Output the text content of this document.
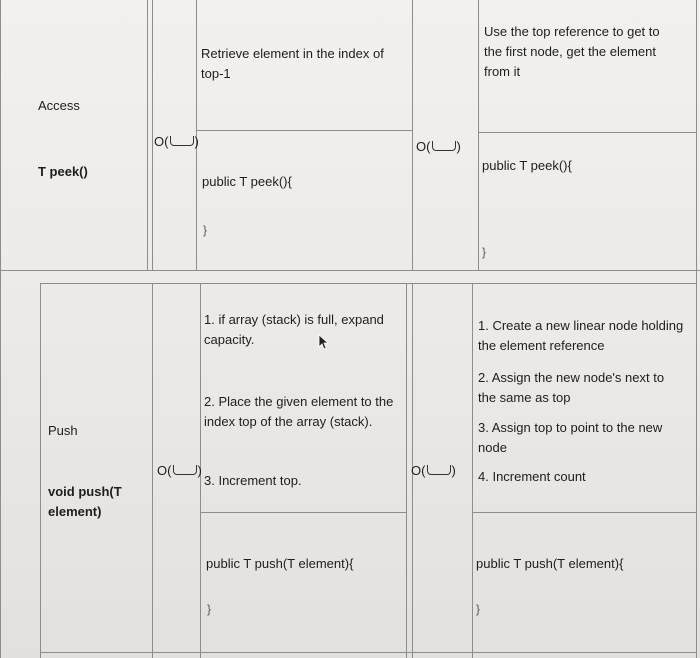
Access
T peek()
O( )	O( )
Retrieve element in the index of top-1
public T peek(){
}
Use the top reference to get to the first node, get the element from it
public T peek(){
}
Push
void push(T element)
O( )	O( )
1. if array (stack) is full, expand capacity.
2. Place the given element to the index top of the array (stack).
3. Increment top.
public T push(T element){
}
1. Create a new linear node holding the element reference
2. Assign the new node's next to the same as top
3. Assign top to point to the new node
4. Increment count
public T push(T element){
}
